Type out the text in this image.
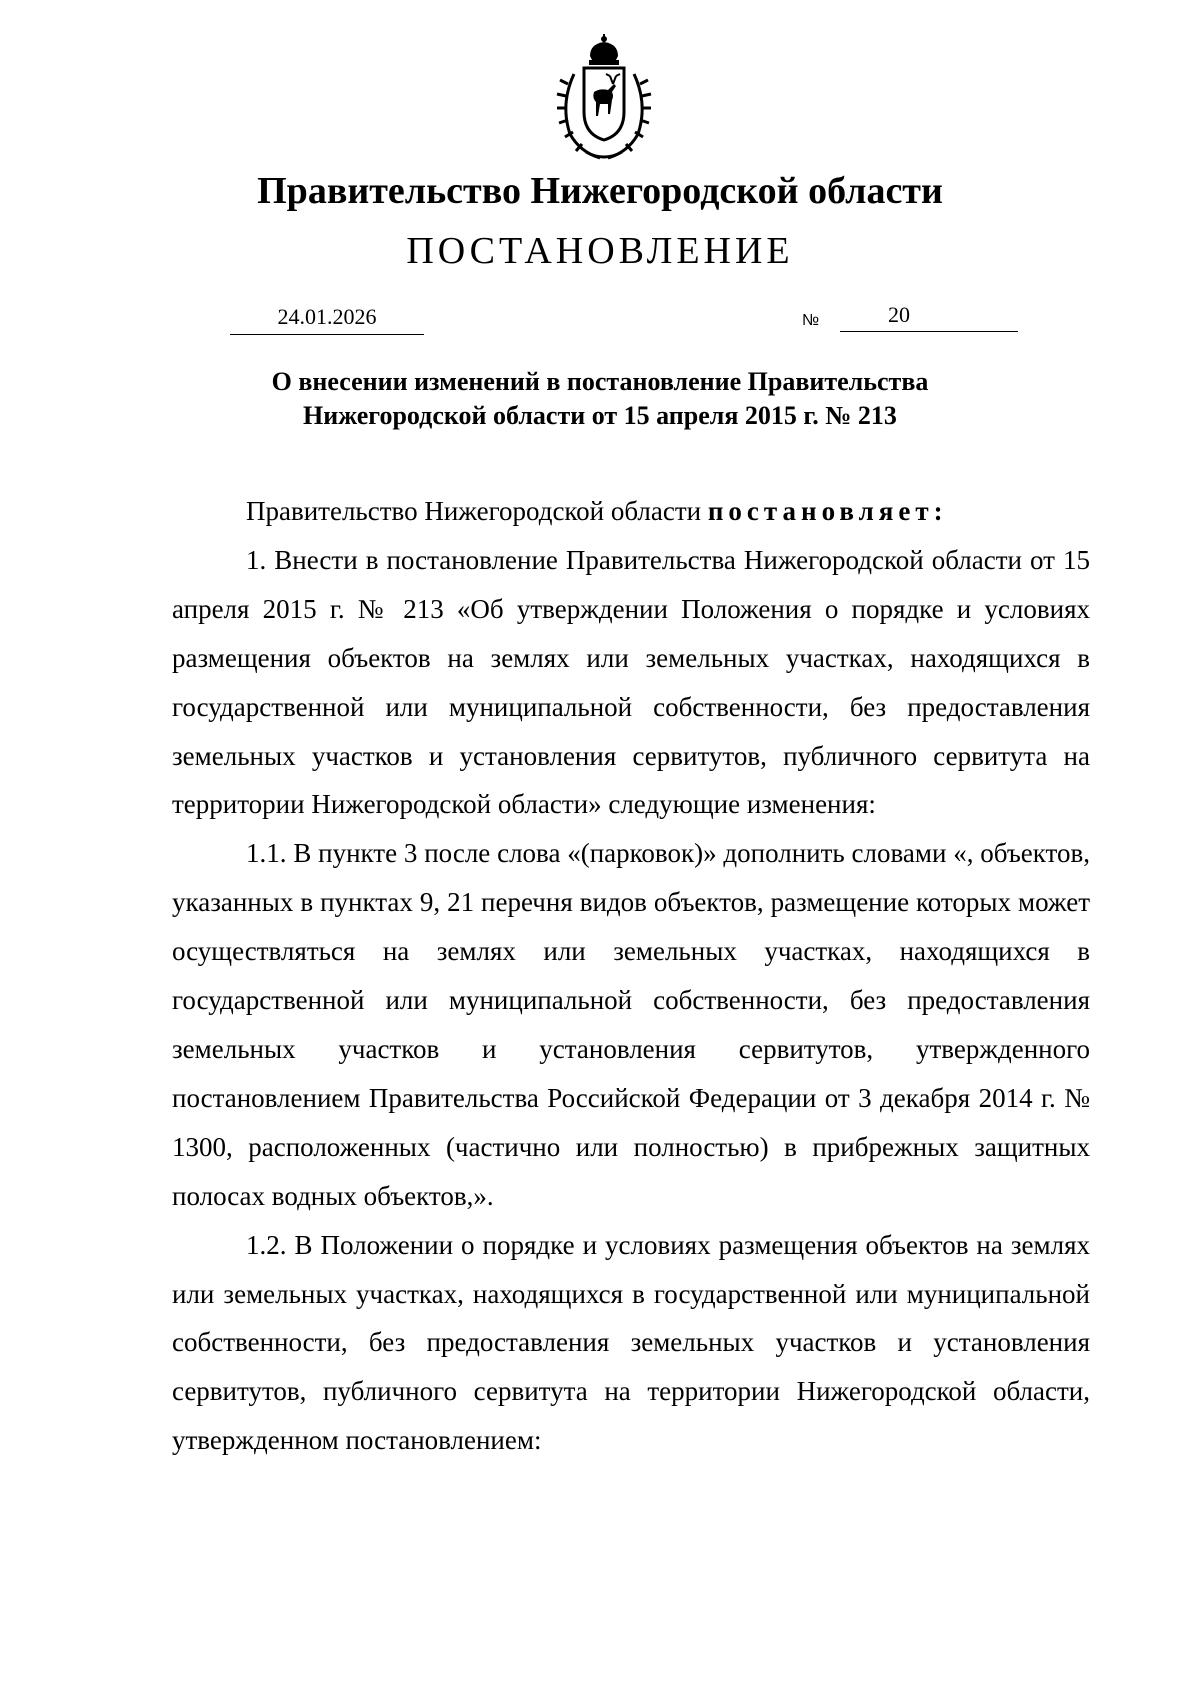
Правительство Нижегородской области
ПОСТАНОВЛЕНИЕ
24.01.2026	№	20
О внесении изменений в постановление Правительства
Нижегородской области от 15 апреля 2015 г. № 213

Правительство Нижегородской области постановляет:

1. Внести в постановление Правительства Нижегородской области от 15 апреля 2015 г. № 213 «Об утверждении Положения о порядке и условиях размещения объектов на землях или земельных участках, находящихся в государственной или муниципальной собственности, без предоставления земельных участков и установления сервитутов, публичного сервитута на территории Нижегородской области» следующие изменения:

1.1. В пункте 3 после слова «(парковок)» дополнить словами «, объектов, указанных в пунктах 9, 21 перечня видов объектов, размещение которых может осуществляться на землях или земельных участках, находящихся в государственной или муниципальной собственности, без предоставления земельных участков и установления сервитутов, утвержденного постановлением Правительства Российской Федерации от 3 декабря 2014 г. № 1300, расположенных (частично или полностью) в прибрежных защитных полосах водных объектов,».

1.2. В Положении о порядке и условиях размещения объектов на землях или земельных участках, находящихся в государственной или муниципальной собственности, без предоставления земельных участков и установления сервитутов, публичного сервитута на территории Нижегородской области, утвержденном постановлением:
